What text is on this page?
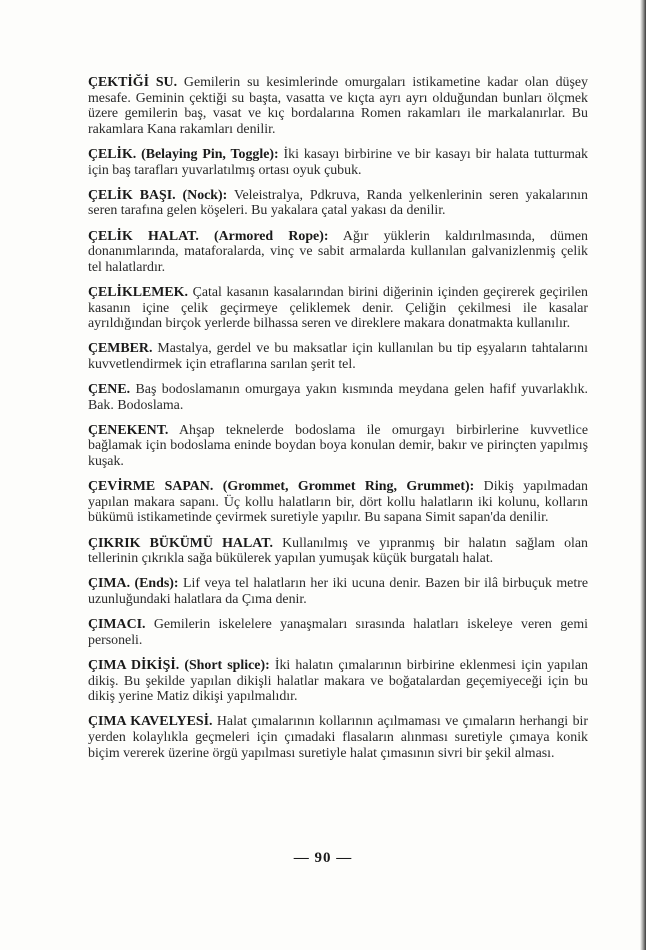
ÇEKTİĞİ SU. Gemilerin su kesimlerinde omurgaları istikametine kadar olan düşey mesafe. Geminin çektiği su başta, vasatta ve kıçta ayrı ayrı olduğundan bunları ölçmek üzere gemilerin baş, vasat ve kıç bordalarına Romen rakamları ile markalanırlar. Bu rakamlara Kana rakamları denilir.

ÇELİK. (Belaying Pin, Toggle): İki kasayı birbirine ve bir kasayı bir halata tutturmak için baş tarafları yuvarlatılmış ortası oyuk çubuk.

ÇELİK BAŞI. (Nock): Veleistralya, Pdkruva, Randa yelkenlerinin seren yakalarının seren tarafına gelen köşeleri. Bu yakalara çatal yakası da denilir.

ÇELİK HALAT. (Armored Rope): Ağır yüklerin kaldırılmasında, dümen donanımlarında, mataforalarda, vinç ve sabit armalarda kullanılan galvanizlenmiş çelik tel halatlardır.

ÇELİKLEMEK. Çatal kasanın kasalarından birini diğerinin içinden geçirerek geçirilen kasanın içine çelik geçirmeye çeliklemek denir. Çeliğin çekilmesi ile kasalar ayrıldığından birçok yerlerde bilhassa seren ve direklere makara donatmakta kullanılır.

ÇEMBER. Mastalya, gerdel ve bu maksatlar için kullanılan bu tip eşyaların tahtalarını kuvvetlendirmek için etraflarına sarılan şerit tel.

ÇENE. Baş bodoslamanın omurgaya yakın kısmında meydana gelen hafif yuvarlaklık. Bak. Bodoslama.

ÇENEKENT. Ahşap teknelerde bodoslama ile omurgayı birbirlerine kuvvetlice bağlamak için bodoslama eninde boydan boya konulan demir, bakır ve pirinçten yapılmış kuşak.

ÇEVİRME SAPAN. (Grommet, Grommet Ring, Grummet): Dikiş yapılmadan yapılan makara sapanı. Üç kollu halatların bir, dört kollu halatların iki kolunu, kolların bükümü istikametinde çevirmek suretiyle yapılır. Bu sapana Simit sapan'da denilir.

ÇIKRIK BÜKÜMÜ HALAT. Kullanılmış ve yıpranmış bir halatın sağlam olan tellerinin çıkrıkla sağa bükülerek yapılan yumuşak küçük burgatalı halat.

ÇIMA. (Ends): Lif veya tel halatların her iki ucuna denir. Bazen bir ilâ birbuçuk metre uzunluğundaki halatlara da Çıma denir.

ÇIMACI. Gemilerin iskelelere yanaşmaları sırasında halatları iskeleye veren gemi personeli.

ÇIMA DİKİŞİ. (Short splice): İki halatın çımalarının birbirine eklenmesi için yapılan dikiş. Bu şekilde yapılan dikişli halatlar makara ve boğatalardan geçemiyeceği için bu dikiş yerine Matiz dikişi yapılmalıdır.

ÇIMA KAVELYESİ. Halat çımalarının kollarının açılmaması ve çımaların herhangi bir yerden kolaylıkla geçmeleri için çımadaki flasaların alınması suretiyle çımaya konik biçim vererek üzerine örgü yapılması suretiyle halat çımasının sivri bir şekil alması.

— 90 —
